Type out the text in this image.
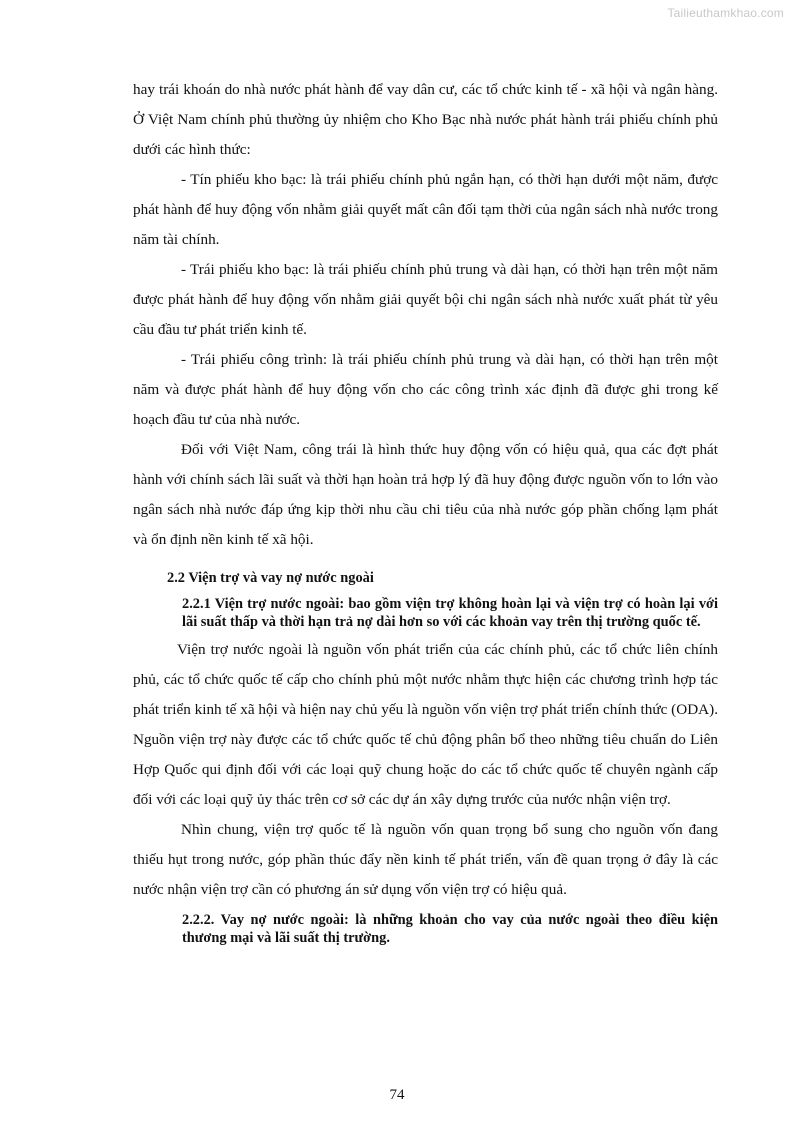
Tailieuthamkhao.com

hay trái khoán do nhà nước phát hành để vay dân cư, các tổ chức kinh tế - xã hội và ngân hàng. Ở Việt Nam chính phủ thường ủy nhiệm cho Kho Bạc nhà nước phát hành trái phiếu chính phủ dưới các hình thức:

- Tín phiếu kho bạc: là trái phiếu chính phủ ngắn hạn, có thời hạn dưới một năm, được phát hành để huy động vốn nhằm giải quyết mất cân đối tạm thời của ngân sách nhà nước trong năm tài chính.

- Trái phiếu kho bạc: là trái phiếu chính phủ trung và dài hạn, có thời hạn trên một năm được phát hành để huy động vốn nhằm giải quyết bội chi ngân sách nhà nước xuất phát từ yêu cầu đầu tư phát triển kinh tế.

- Trái phiếu công trình: là trái phiếu chính phủ trung và dài hạn, có thời hạn trên một năm và được phát hành để huy động vốn cho các công trình xác định đã được ghi trong kế hoạch đầu tư của nhà nước.

Đối với Việt Nam, công trái là hình thức huy động vốn có hiệu quả, qua các đợt phát hành với chính sách lãi suất và thời hạn hoàn trả hợp lý đã huy động được nguồn vốn to lớn vào ngân sách nhà nước đáp ứng kịp thời nhu cầu chi tiêu của nhà nước góp phần chống lạm phát và ổn định nền kinh tế xã hội.

2.2 Viện trợ và vay nợ nước ngoài
2.2.1 Viện trợ nước ngoài: bao gồm viện trợ không hoàn lại và viện trợ có hoàn lại với lãi suất thấp và thời hạn trả nợ dài hơn so với các khoản vay trên thị trường quốc tế.

Viện trợ nước ngoài là nguồn vốn phát triển của các chính phủ, các tổ chức liên chính phủ, các tổ chức quốc tế cấp cho chính phủ một nước nhằm thực hiện các chương trình hợp tác phát triển kinh tế xã hội và hiện nay chủ yếu là nguồn vốn viện trợ phát triển chính thức (ODA). Nguồn viện trợ này được các tổ chức quốc tế chủ động phân bổ theo những tiêu chuẩn do Liên Hợp Quốc qui định đối với các loại quỹ chung hoặc do các tổ chức quốc tế chuyên ngành cấp đối với các loại quỹ ủy thác trên cơ sở các dự án xây dựng trước của nước nhận viện trợ.

Nhìn chung, viện trợ quốc tế là nguồn vốn quan trọng bổ sung cho nguồn vốn đang thiếu hụt trong nước, góp phần thúc đẩy nền kinh tế phát triển, vấn đề quan trọng ở đây là các nước nhận viện trợ cần có phương án sử dụng vốn viện trợ có hiệu quả.

2.2.2. Vay nợ nước ngoài: là những khoản cho vay của nước ngoài theo điều kiện thương mại và lãi suất thị trường.
74
